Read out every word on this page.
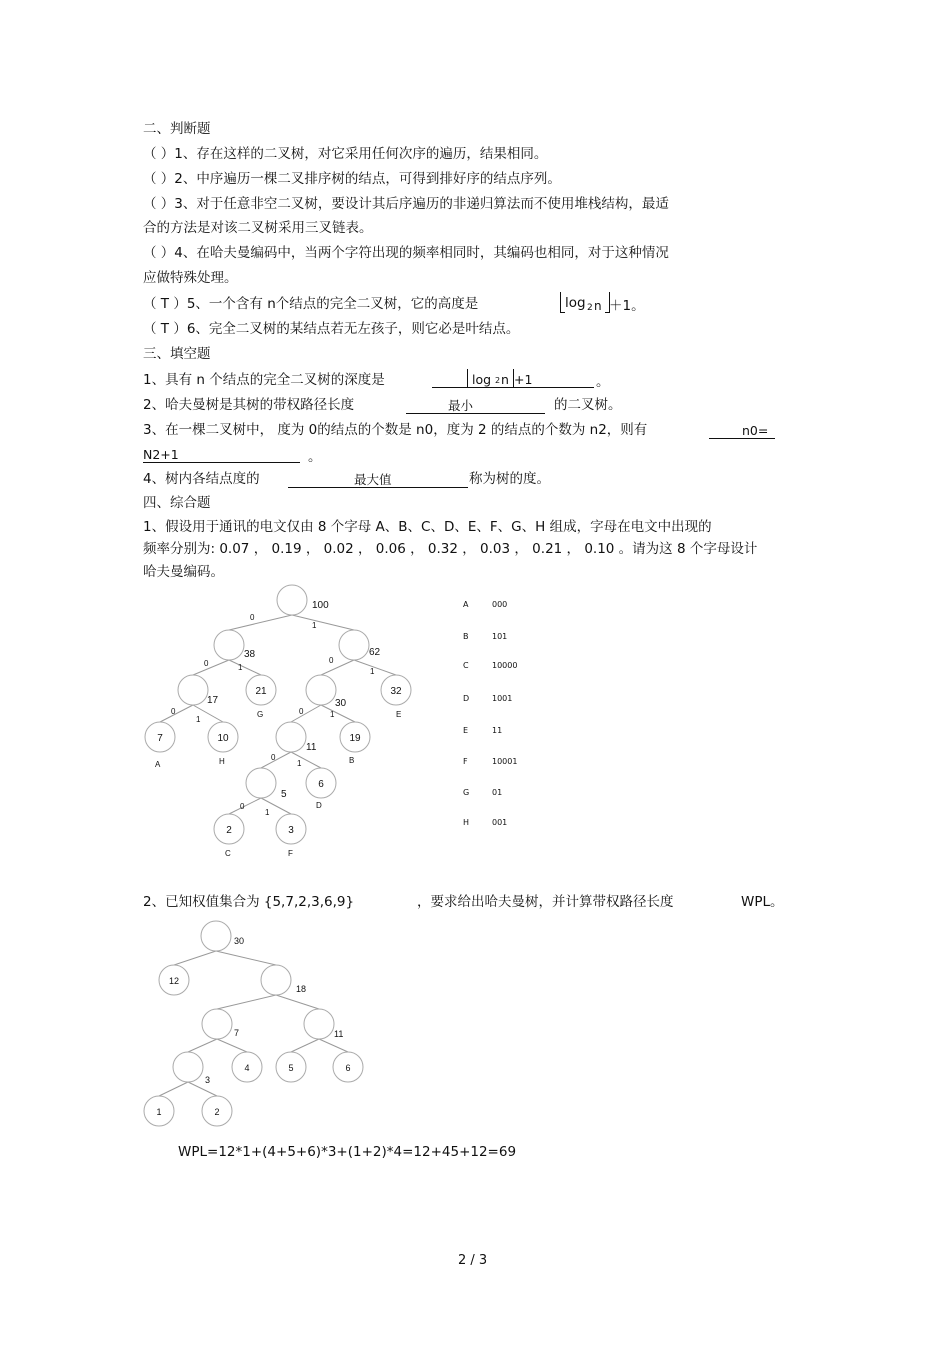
二、判断题
（ ）1、存在这样的二叉树，对它采用任何次序的遍历，结果相同。
（ ）2、中序遍历一棵二叉排序树的结点，可得到排好序的结点序列。
（ ）3、对于任意非空二叉树，要设计其后序遍历的非递归算法而不使用堆栈结构，最适
合的方法是对该二叉树采用三叉链表。
（ ）4、在哈夫曼编码中，当两个字符出现的频率相同时，其编码也相同，对于这种情况
应做特殊处理。
（ T ）5、一个含有 n个结点的完全二叉树，它的高度是	log 2 n ＋1。
（ T ）6、完全二叉树的某结点若无左孩子，则它必是叶结点。
三、填空题
1、具有 n 个结点的完全二叉树的深度是	log 2 n +1	。
2、哈夫曼树是其树的带权路径长度	最小	的二叉树。
3、在一棵二叉树中， 度为 0的结点的个数是 n0，度为 2 的结点的个数为 n2，则有	n0=
N2+1	。
4、树内各结点度的	最大值	称为树的度。
四、综合题
1、假设用于通讯的电文仅由 8 个字母 A、B、C、D、E、F、G、H 组成，字母在电文中出现的
频率分别为: 0.07 ， 0.19 ， 0.02 ， 0.06 ， 0.32 ， 0.03 ， 0.21 ， 0.10 。请为这 8 个字母设计
哈夫曼编码。
0
1
0	1
0
1
0
1
0	1
0
1
0
1
100
38	62
17
21
G
30
32
E
7
A
10
H
11
19
B
5
6
D
2
C
3
F
30
12
18
7	11
3
4	5	6
1	2
A	000
B	101
C	10000
D	1001
E	11
F	10001
G	01
H	001
2、已知权值集合为 {5,7,2,3,6,9}	，要求给出哈夫曼树，并计算带权路径长度	WPL。
WPL=12*1+(4+5+6)*3+(1+2)*4=12+45+12=69
2 / 3
